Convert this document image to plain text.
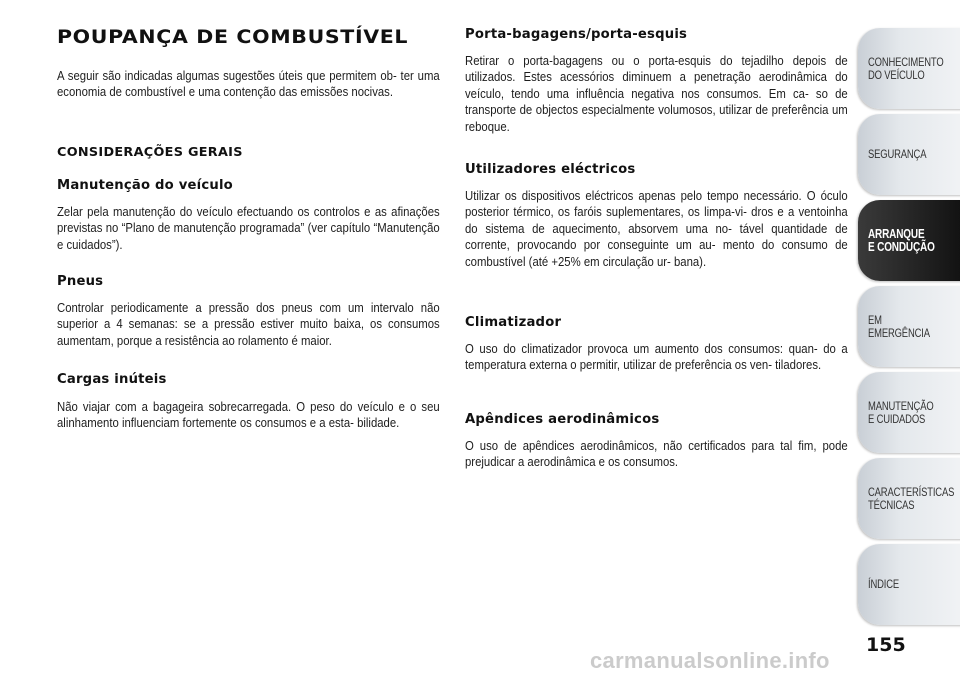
POUPANÇA DE COMBUSTÍVEL

A seguir são indicadas algumas sugestões úteis que permitem ob- ter uma economia de combustível e uma contenção das emissões nocivas.

CONSIDERAÇÕES GERAIS
Manutenção do veículo

Zelar pela manutenção do veículo efectuando os controlos e as afinações previstas no “Plano de manutenção programada” (ver capítulo “Manutenção e cuidados”).

Pneus

Controlar periodicamente a pressão dos pneus com um intervalo não superior a 4 semanas: se a pressão estiver muito baixa, os consumos aumentam, porque a resistência ao rolamento é maior.

Cargas inúteis

Não viajar com a bagageira sobrecarregada. O peso do veículo e o seu alinhamento influenciam fortemente os consumos e a esta- bilidade.

Porta-bagagens/porta-esquis

Retirar o porta-bagagens ou o porta-esquis do tejadilho depois de utilizados. Estes acessórios diminuem a penetração aerodinâmica do veículo, tendo uma influência negativa nos consumos. Em ca- so de transporte de objectos especialmente volumosos, utilizar de preferência um reboque.

Utilizadores eléctricos

Utilizar os dispositivos eléctricos apenas pelo tempo necessário. O óculo posterior térmico, os faróis suplementares, os limpa-vi- dros e a ventoinha do sistema de aquecimento, absorvem uma no- tável quantidade de corrente, provocando por conseguinte um au- mento do consumo de combustível (até +25% em circulação ur- bana).

Climatizador

O uso do climatizador provoca um aumento dos consumos: quan- do a temperatura externa o permitir, utilizar de preferência os ven- tiladores.

Apêndices aerodinâmicos

O uso de apêndices aerodinâmicos, não certificados para tal fim, pode prejudicar a aerodinâmica e os consumos.

CONHECIMENTO
DO VEÍCULO
SEGURANÇA
ARRANQUE
E CONDUÇÃO
EM EMERGÊNCIA
MANUTENÇÃO
E CUIDADOS
CARACTERÍSTICAS
TÉCNICAS
ÍNDICE
155
carmanualsonline.info
